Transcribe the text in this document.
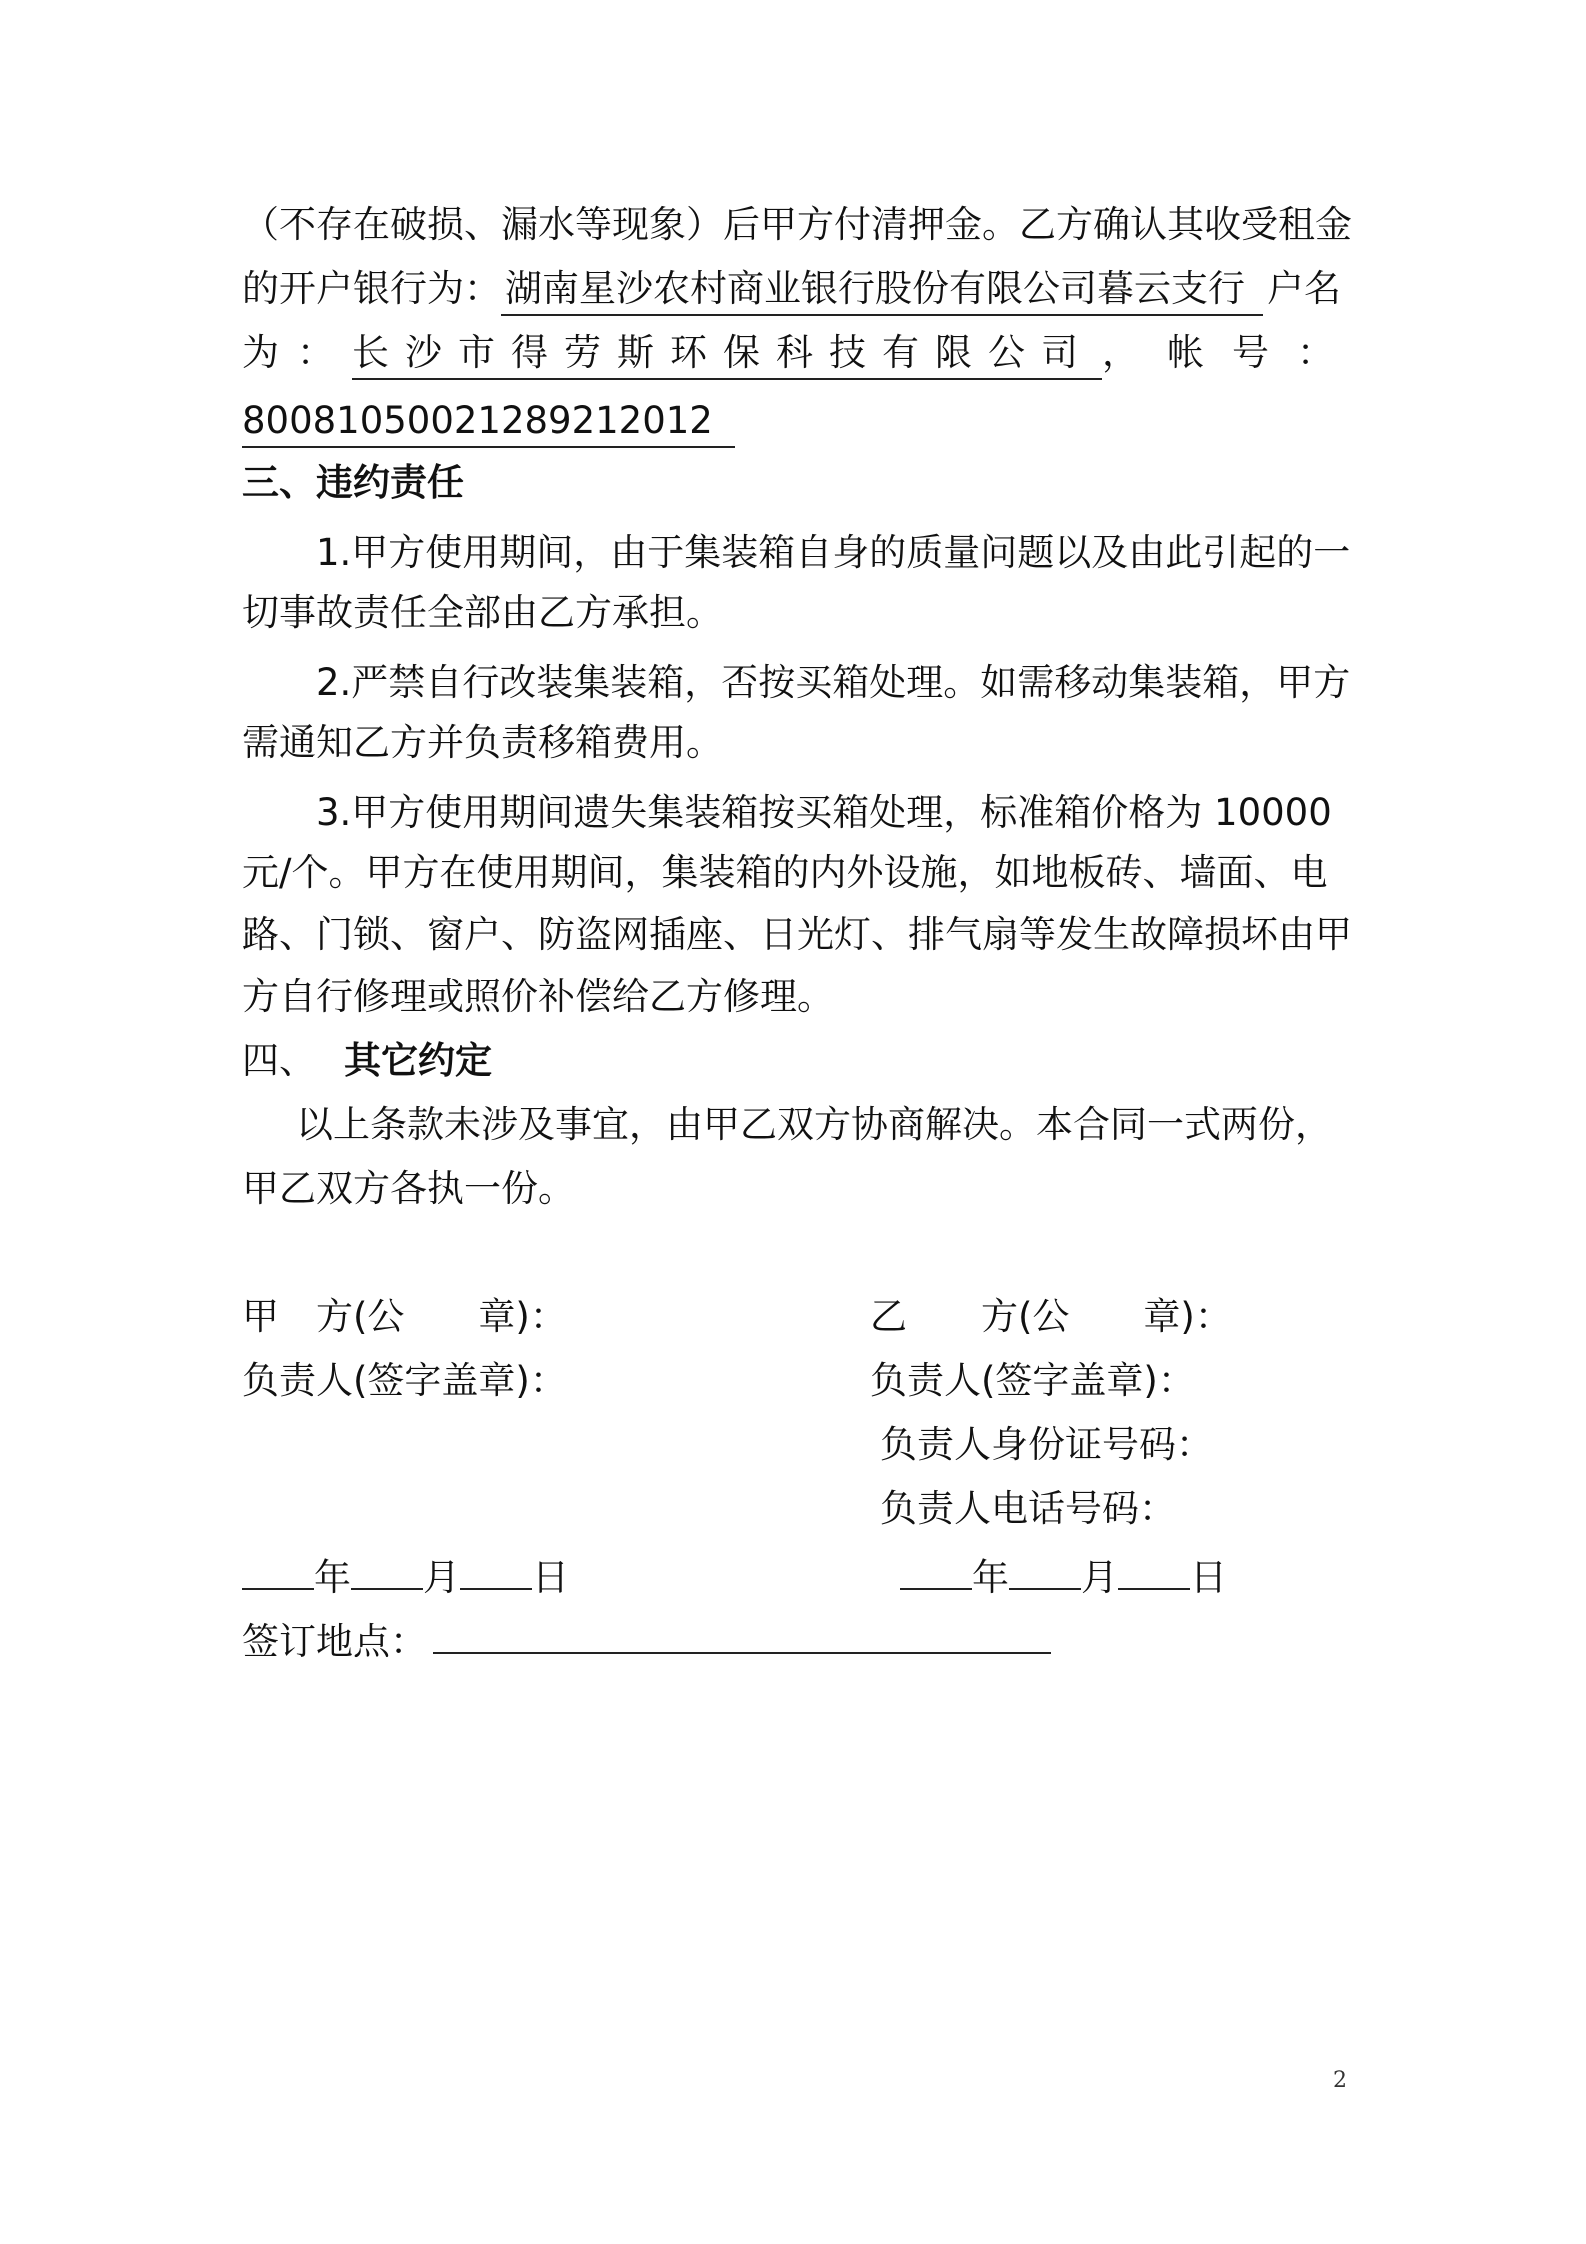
（不存在破损、漏水等现象）后甲方付清押金。乙方确认其收受租金

的开户银行为： 湖南星沙农村商业银行股份有限公司暮云支行 户名

为： 长沙市得劳斯环保科技有限公司 ，帐号：

80081050021289212012

三、违约责任

1.甲方使用期间，由于集装箱自身的质量问题以及由此引起的一

切事故责任全部由乙方承担。

2.严禁自行改装集装箱，否按买箱处理。如需移动集装箱，甲方

需通知乙方并负责移箱费用。

3.甲方使用期间遗失集装箱按买箱处理，标准箱价格为 10000

元/个。甲方在使用期间，集装箱的内外设施，如地板砖、墙面、电

路、门锁、窗户、防盗网插座、日光灯、排气扇等发生故障损坏由甲

方自行修理或照价补偿给乙方修理。

四、 其它约定

以上条款未涉及事宜，由甲乙双方协商解决。本合同一式两份，

甲乙双方各执一份。

甲　方(公　　章)：	乙　　方(公　　章)：

负责人(签字盖章)：	负责人(签字盖章)：

负责人身份证号码：

负责人电话号码：

年 月 日	年 月 日

签订地点：

2
